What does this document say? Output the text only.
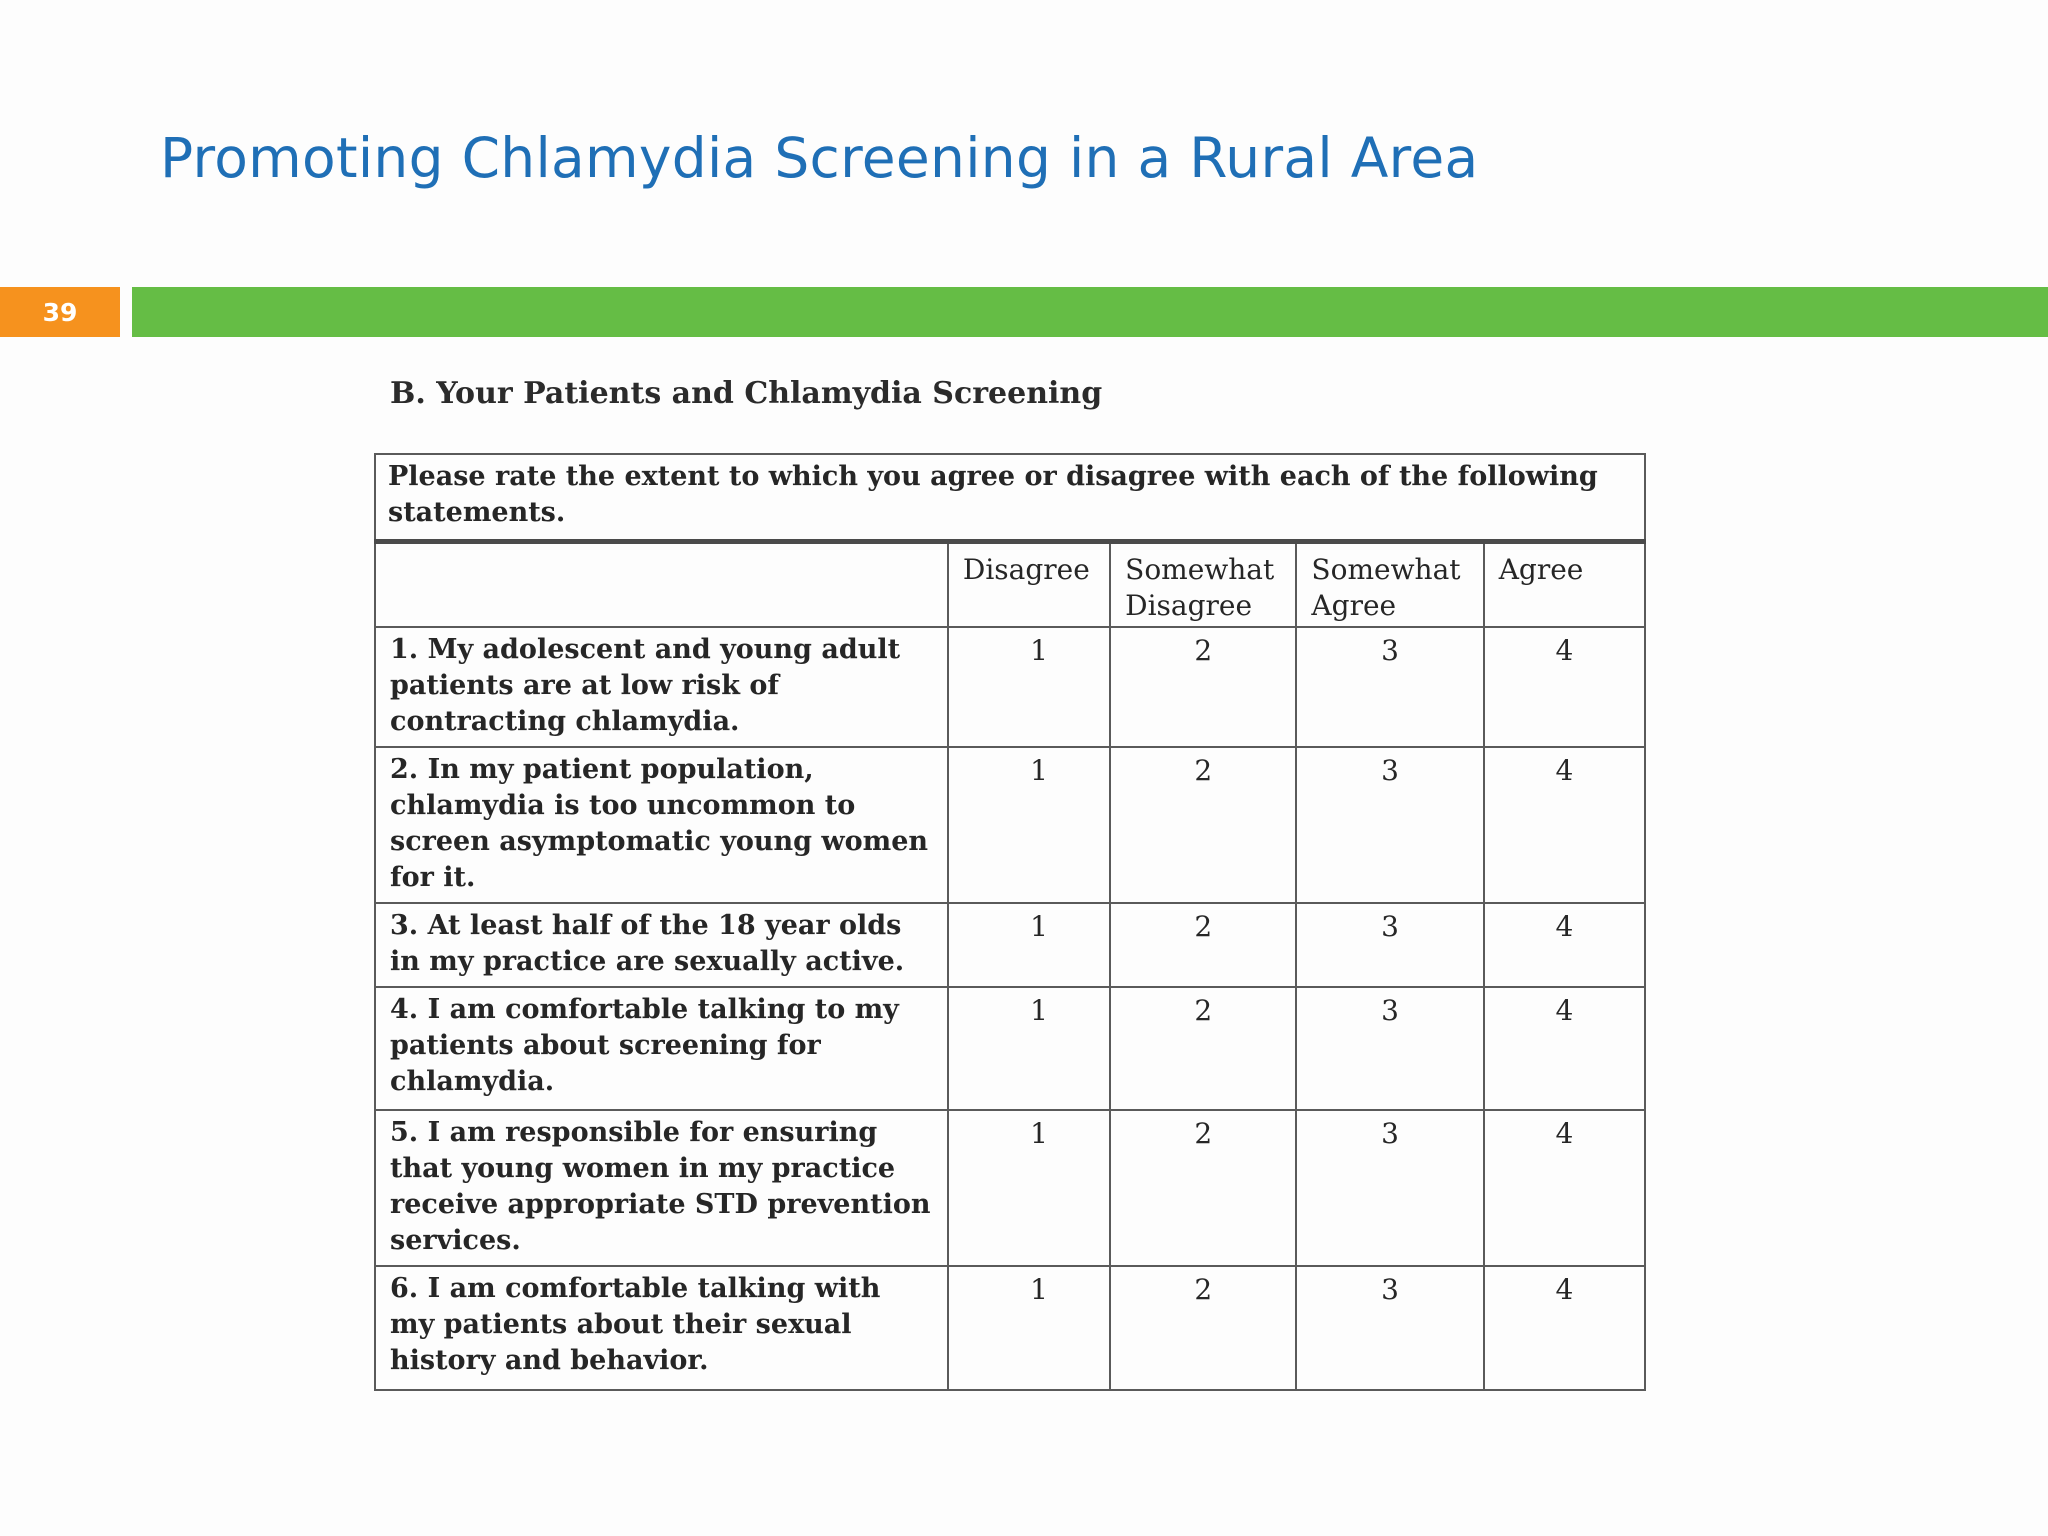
Promoting Chlamydia Screening in a Rural Area
39
B. Your Patients and Chlamydia Screening
Please rate the extent to which you agree or disagree with each of the following statements.				
	Disagree	Somewhat Disagree	Somewhat Agree	Agree
1. My adolescent and young adult patients are at low risk of contracting chlamydia.	1	2	3	4
2. In my patient population, chlamydia is too uncommon to screen asymptomatic young women for it.	1	2	3	4
3. At least half of the 18 year olds in my practice are sexually active.	1	2	3	4
4. I am comfortable talking to my patients about screening for chlamydia.	1	2	3	4
5. I am responsible for ensuring that young women in my practice receive appropriate STD prevention services.	1	2	3	4
6. I am comfortable talking with my patients about their sexual history and behavior.	1	2	3	4
